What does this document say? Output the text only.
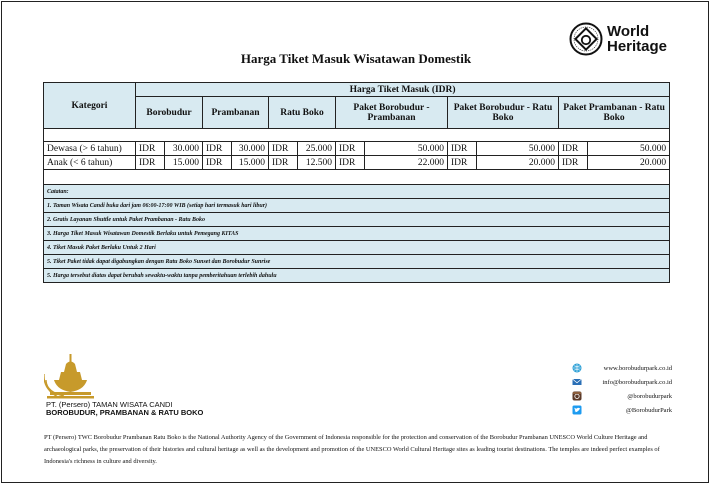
World
Heritage
Harga Tiket Masuk Wisatawan Domestik
Kategori	Harga Tiket Masuk (IDR)											
	Borobudur		Prambanan		Ratu Boko		Paket Borobudur - Prambanan		Paket Borobudur - Ratu Boko		Paket Prambanan - Ratu Boko	

Dewasa (> 6 tahun)	IDR	30.000	IDR	30.000	IDR	25.000	IDR	50.000	IDR	50.000	IDR	50.000
Anak (< 6 tahun)	IDR	15.000	IDR	15.000	IDR	12.500	IDR	22.000	IDR	20.000	IDR	20.000

Catatan:												
1. Taman Wisata Candi buka dari jam 06:00-17:00 WIB (setiap hari termasuk hari libur)												
2. Gratis Layanan Shuttle untuk Paket Prambanan - Ratu Boko												
3. Harga Tiket Masuk Wisatawan Domestik Berlaku untuk Pemegang KITAS												
4. Tiket Masuk Paket Berlaku Untuk 2 Hari												
5. Tiket Paket tidak dapat digabungkan dengan Ratu Boko Sunset dan Borobudur Sunrise												
5. Harga tersebut diatas dapat berubah sewaktu-waktu tanpa pemberitahuan terlebih dahulu												
PT. (Persero) TAMAN WISATA CANDI
BOROBUDUR, PRAMBANAN & RATU BOKO
www.borobudurpark.co.id
info@borobudurpark.co.id
@borobudurpark
@BorobudurPark
PT (Persero) TWC Borobudur Prambanan Ratu Boko is the National Authority Agency of the Government of Indonesia responsible for the protection and conservation of the Borobudur Prambanan UNESCO World Culture Heritage and archaeological parks, the preservation of their histories and cultural heritage as well as the development and promotion of the UNESCO World Cultural Heritage sites as leading tourist destinations. The temples are indeed perfect examples of Indonesia's richness in culture and diversity.
